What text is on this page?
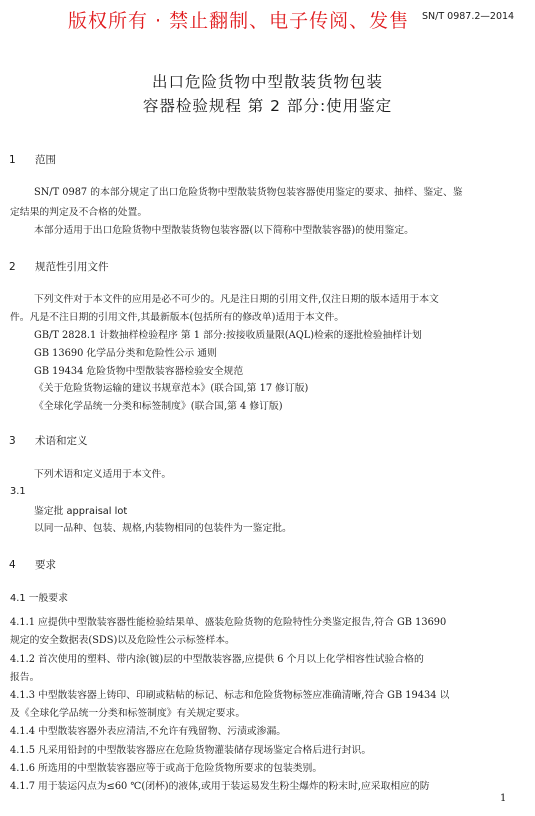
版权所有 · 禁止翻制、电子传阅、发售 SN/T 0987.2—2014
出口危险货物中型散装货物包装
容器检验规程 第 2 部分:使用鉴定
1 范围
SN/T 0987 的本部分规定了出口危险货物中型散装货物包装容器使用鉴定的要求、抽样、鉴定、鉴
定结果的判定及不合格的处置。
本部分适用于出口危险货物中型散装货物包装容器(以下简称中型散装容器)的使用鉴定。
2 规范性引用文件
下列文件对于本文件的应用是必不可少的。凡是注日期的引用文件,仅注日期的版本适用于本文
件。凡是不注日期的引用文件,其最新版本(包括所有的修改单)适用于本文件。
GB/T 2828.1 计数抽样检验程序 第 1 部分:按接收质量限(AQL)检索的逐批检验抽样计划
GB 13690 化学品分类和危险性公示 通则
GB 19434 危险货物中型散装容器检验安全规范
《关于危险货物运输的建议书规章范本》(联合国,第 17 修订版)
《全球化学品统一分类和标签制度》(联合国,第 4 修订版)
3 术语和定义
下列术语和定义适用于本文件。
3.1
鉴定批 appraisal lot
以同一品种、包装、规格,内装物相同的包装件为一鉴定批。
4 要求
4.1 一般要求
4.1.1 应提供中型散装容器性能检验结果单、盛装危险货物的危险特性分类鉴定报告,符合 GB 13690
规定的安全数据表(SDS)以及危险性公示标签样本。
4.1.2 首次使用的塑料、带内涂(镀)层的中型散装容器,应提供 6 个月以上化学相容性试验合格的
报告。
4.1.3 中型散装容器上铸印、印刷或粘帖的标记、标志和危险货物标签应准确清晰,符合 GB 19434 以
及《全球化学品统一分类和标签制度》有关规定要求。
4.1.4 中型散装容器外表应清洁,不允许有残留物、污渍或渗漏。
4.1.5 凡采用铅封的中型散装容器应在危险货物灌装储存现场鉴定合格后进行封识。
4.1.6 所选用的中型散装容器应等于或高于危险货物所要求的包装类别。
4.1.7 用于装运闪点为≤60 ℃(闭杯)的液体,或用于装运易发生粉尘爆炸的粉末时,应采取相应的防
1
